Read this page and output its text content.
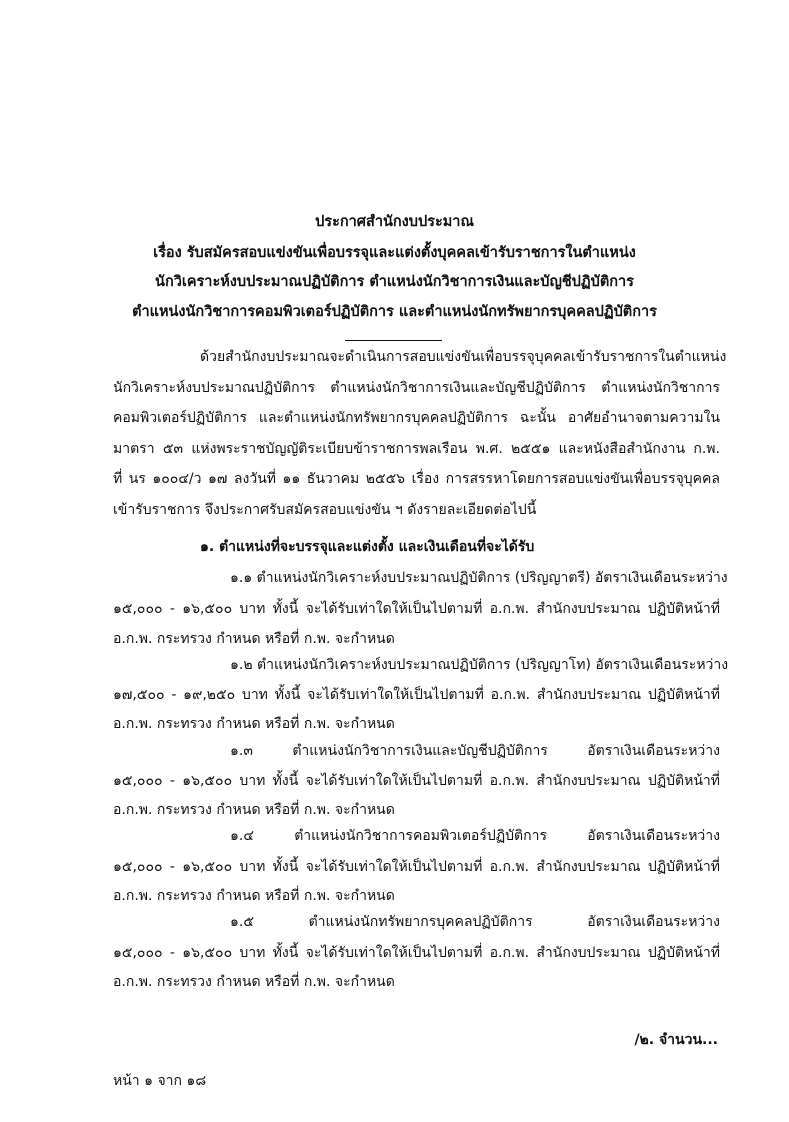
ประกาศสำนักงบประมาณ
เรื่อง รับสมัครสอบแข่งขันเพื่อบรรจุและแต่งตั้งบุคคลเข้ารับราชการในตำแหน่ง
นักวิเคราะห์งบประมาณปฏิบัติการ ตำแหน่งนักวิชาการเงินและบัญชีปฏิบัติการ
ตำแหน่งนักวิชาการคอมพิวเตอร์ปฏิบัติการ และตำแหน่งนักทรัพยากรบุคคลปฏิบัติการ
ด้วยสำนักงบประมาณจะดำเนินการสอบแข่งขันเพื่อบรรจุบุคคลเข้ารับราชการในตำแหน่ง
นักวิเคราะห์งบประมาณปฏิบัติการ ตำแหน่งนักวิชาการเงินและบัญชีปฏิบัติการ ตำแหน่งนักวิชาการ
คอมพิวเตอร์ปฏิบัติการ และตำแหน่งนักทรัพยากรบุคคลปฏิบัติการ ฉะนั้น อาศัยอำนาจตามความใน
มาตรา ๕๓ แห่งพระราชบัญญัติระเบียบข้าราชการพลเรือน พ.ศ. ๒๕๕๑ และหนังสือสำนักงาน ก.พ.
ที่ นร ๑๐๐๔/ว ๑๗ ลงวันที่ ๑๑ ธันวาคม ๒๕๕๖ เรื่อง การสรรหาโดยการสอบแข่งขันเพื่อบรรจุบุคคล
เข้ารับราชการ จึงประกาศรับสมัครสอบแข่งขัน ฯ ดังรายละเอียดต่อไปนี้
๑. ตำแหน่งที่จะบรรจุและแต่งตั้ง และเงินเดือนที่จะได้รับ
๑.๑ ตำแหน่งนักวิเคราะห์งบประมาณปฏิบัติการ (ปริญญาตรี) อัตราเงินเดือนระหว่าง
๑๕,๐๐๐ - ๑๖,๕๐๐ บาท ทั้งนี้ จะได้รับเท่าใดให้เป็นไปตามที่ อ.ก.พ. สำนักงบประมาณ ปฏิบัติหน้าที่
อ.ก.พ. กระทรวง กำหนด หรือที่ ก.พ. จะกำหนด
๑.๒ ตำแหน่งนักวิเคราะห์งบประมาณปฏิบัติการ (ปริญญาโท) อัตราเงินเดือนระหว่าง
๑๗,๕๐๐ - ๑๙,๒๕๐ บาท ทั้งนี้ จะได้รับเท่าใดให้เป็นไปตามที่ อ.ก.พ. สำนักงบประมาณ ปฏิบัติหน้าที่
อ.ก.พ. กระทรวง กำหนด หรือที่ ก.พ. จะกำหนด
๑.๓ ตำแหน่งนักวิชาการเงินและบัญชีปฏิบัติการ อัตราเงินเดือนระหว่าง
๑๕,๐๐๐ - ๑๖,๕๐๐ บาท ทั้งนี้ จะได้รับเท่าใดให้เป็นไปตามที่ อ.ก.พ. สำนักงบประมาณ ปฏิบัติหน้าที่
อ.ก.พ. กระทรวง กำหนด หรือที่ ก.พ. จะกำหนด
๑.๔ ตำแหน่งนักวิชาการคอมพิวเตอร์ปฏิบัติการ อัตราเงินเดือนระหว่าง
๑๕,๐๐๐ - ๑๖,๕๐๐ บาท ทั้งนี้ จะได้รับเท่าใดให้เป็นไปตามที่ อ.ก.พ. สำนักงบประมาณ ปฏิบัติหน้าที่
อ.ก.พ. กระทรวง กำหนด หรือที่ ก.พ. จะกำหนด
๑.๕ ตำแหน่งนักทรัพยากรบุคคลปฏิบัติการ อัตราเงินเดือนระหว่าง
๑๕,๐๐๐ - ๑๖,๕๐๐ บาท ทั้งนี้ จะได้รับเท่าใดให้เป็นไปตามที่ อ.ก.พ. สำนักงบประมาณ ปฏิบัติหน้าที่
อ.ก.พ. กระทรวง กำหนด หรือที่ ก.พ. จะกำหนด
/๒. จำนวน...
หน้า ๑ จาก ๑๘
